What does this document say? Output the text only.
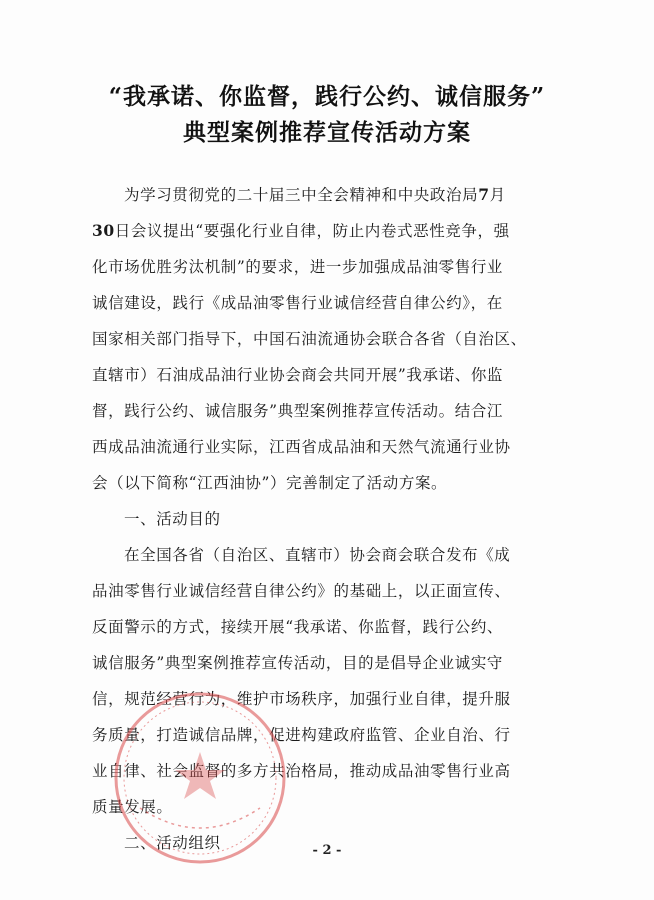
“我承诺、你监督，践行公约、诚信服务”
典型案例推荐宣传活动方案
为学习贯彻党的二十届三中全会精神和中央政治局7月
30日会议提出“要强化行业自律，防止内卷式恶性竞争，强
化市场优胜劣汰机制”的要求，进一步加强成品油零售行业
诚信建设，践行《成品油零售行业诚信经营自律公约》，在
国家相关部门指导下，中国石油流通协会联合各省（自治区、
直辖市）石油成品油行业协会商会共同开展”我承诺、你监
督，践行公约、诚信服务”典型案例推荐宣传活动。结合江
西成品油流通行业实际，江西省成品油和天然气流通行业协
会（以下简称“江西油协”）完善制定了活动方案。
一、活动目的
在全国各省（自治区、直辖市）协会商会联合发布《成
品油零售行业诚信经营自律公约》的基础上，以正面宣传、
反面警示的方式，接续开展“我承诺、你监督，践行公约、
诚信服务”典型案例推荐宣传活动，目的是倡导企业诚实守
信，规范经营行为，维护市场秩序，加强行业自律，提升服
务质量，打造诚信品牌，促进构建政府监管、企业自治、行
业自律、社会监督的多方共治格局，推动成品油零售行业高
质量发展。
二、活动组织	- 2 -
